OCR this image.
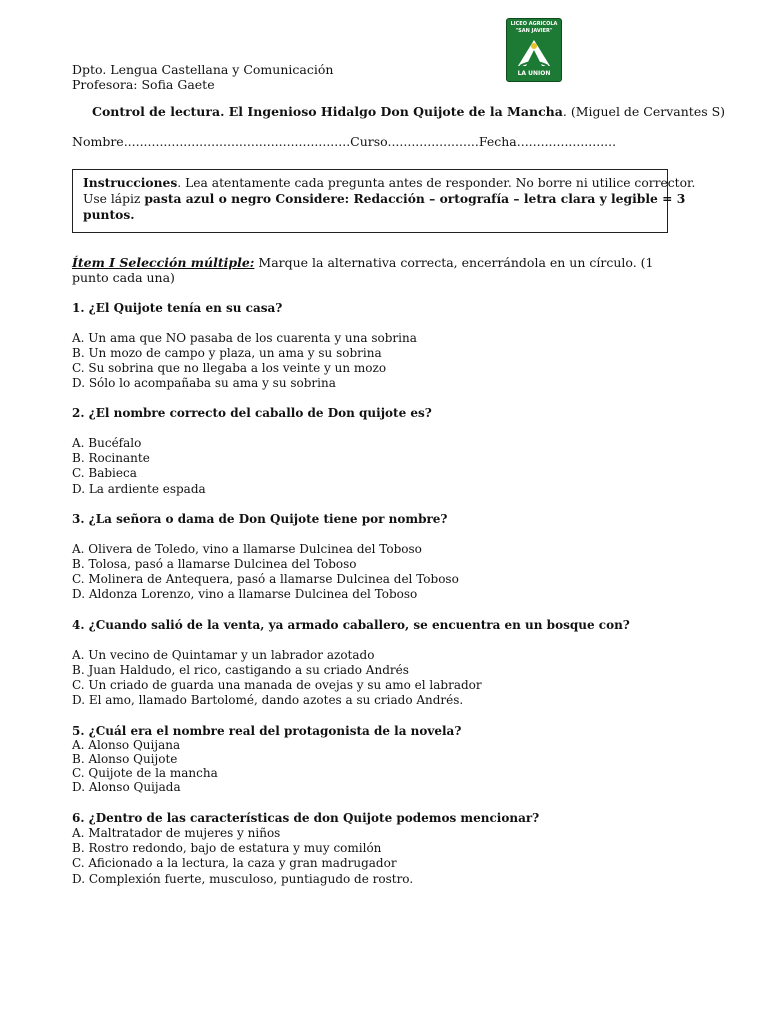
LICEO AGRICOLA
"SAN JAVIER"
LA UNION
Dpto. Lengua Castellana y Comunicación
Profesora: Sofia Gaete
Control de lectura. El Ingenioso Hidalgo Don Quijote de la Mancha. (Miguel de Cervantes S)
Nombre.........................................................Curso.......................Fecha.........................
Instrucciones. Lea atentamente cada pregunta antes de responder. No borre ni utilice corrector.
Use lápiz pasta azul o negro Considere: Redacción – ortografía – letra clara y legible = 3
puntos.
Ítem I Selección múltiple: Marque la alternativa correcta, encerrándola en un círculo. (1 punto cada una)
1. ¿El Quijote tenía en su casa?
A. Un ama que NO pasaba de los cuarenta y una sobrina
B. Un mozo de campo y plaza, un ama y su sobrina
C. Su sobrina que no llegaba a los veinte y un mozo
D. Sólo lo acompañaba su ama y su sobrina
2. ¿El nombre correcto del caballo de Don quijote es?
A. Bucéfalo
B. Rocinante
C. Babieca
D. La ardiente espada
3. ¿La señora o dama de Don Quijote tiene por nombre?
A. Olivera de Toledo, vino a llamarse Dulcinea del Toboso
B. Tolosa, pasó a llamarse Dulcinea del Toboso
C. Molinera de Antequera, pasó a llamarse Dulcinea del Toboso
D. Aldonza Lorenzo, vino a llamarse Dulcinea del Toboso
4. ¿Cuando salió de la venta, ya armado caballero, se encuentra en un bosque con?
A. Un vecino de Quintamar y un labrador azotado
B. Juan Haldudo, el rico, castigando a su criado Andrés
C. Un criado de guarda una manada de ovejas y su amo el labrador
D. El amo, llamado Bartolomé, dando azotes a su criado Andrés.
5. ¿Cuál era el nombre real del protagonista de la novela?
A. Alonso Quijana
B. Alonso Quijote
C. Quijote de la mancha
D. Alonso Quijada
6. ¿Dentro de las características de don Quijote podemos mencionar?
A. Maltratador de mujeres y niños
B. Rostro redondo, bajo de estatura y muy comilón
C. Aficionado a la lectura, la caza y gran madrugador
D. Complexión fuerte, musculoso, puntiagudo de rostro.
